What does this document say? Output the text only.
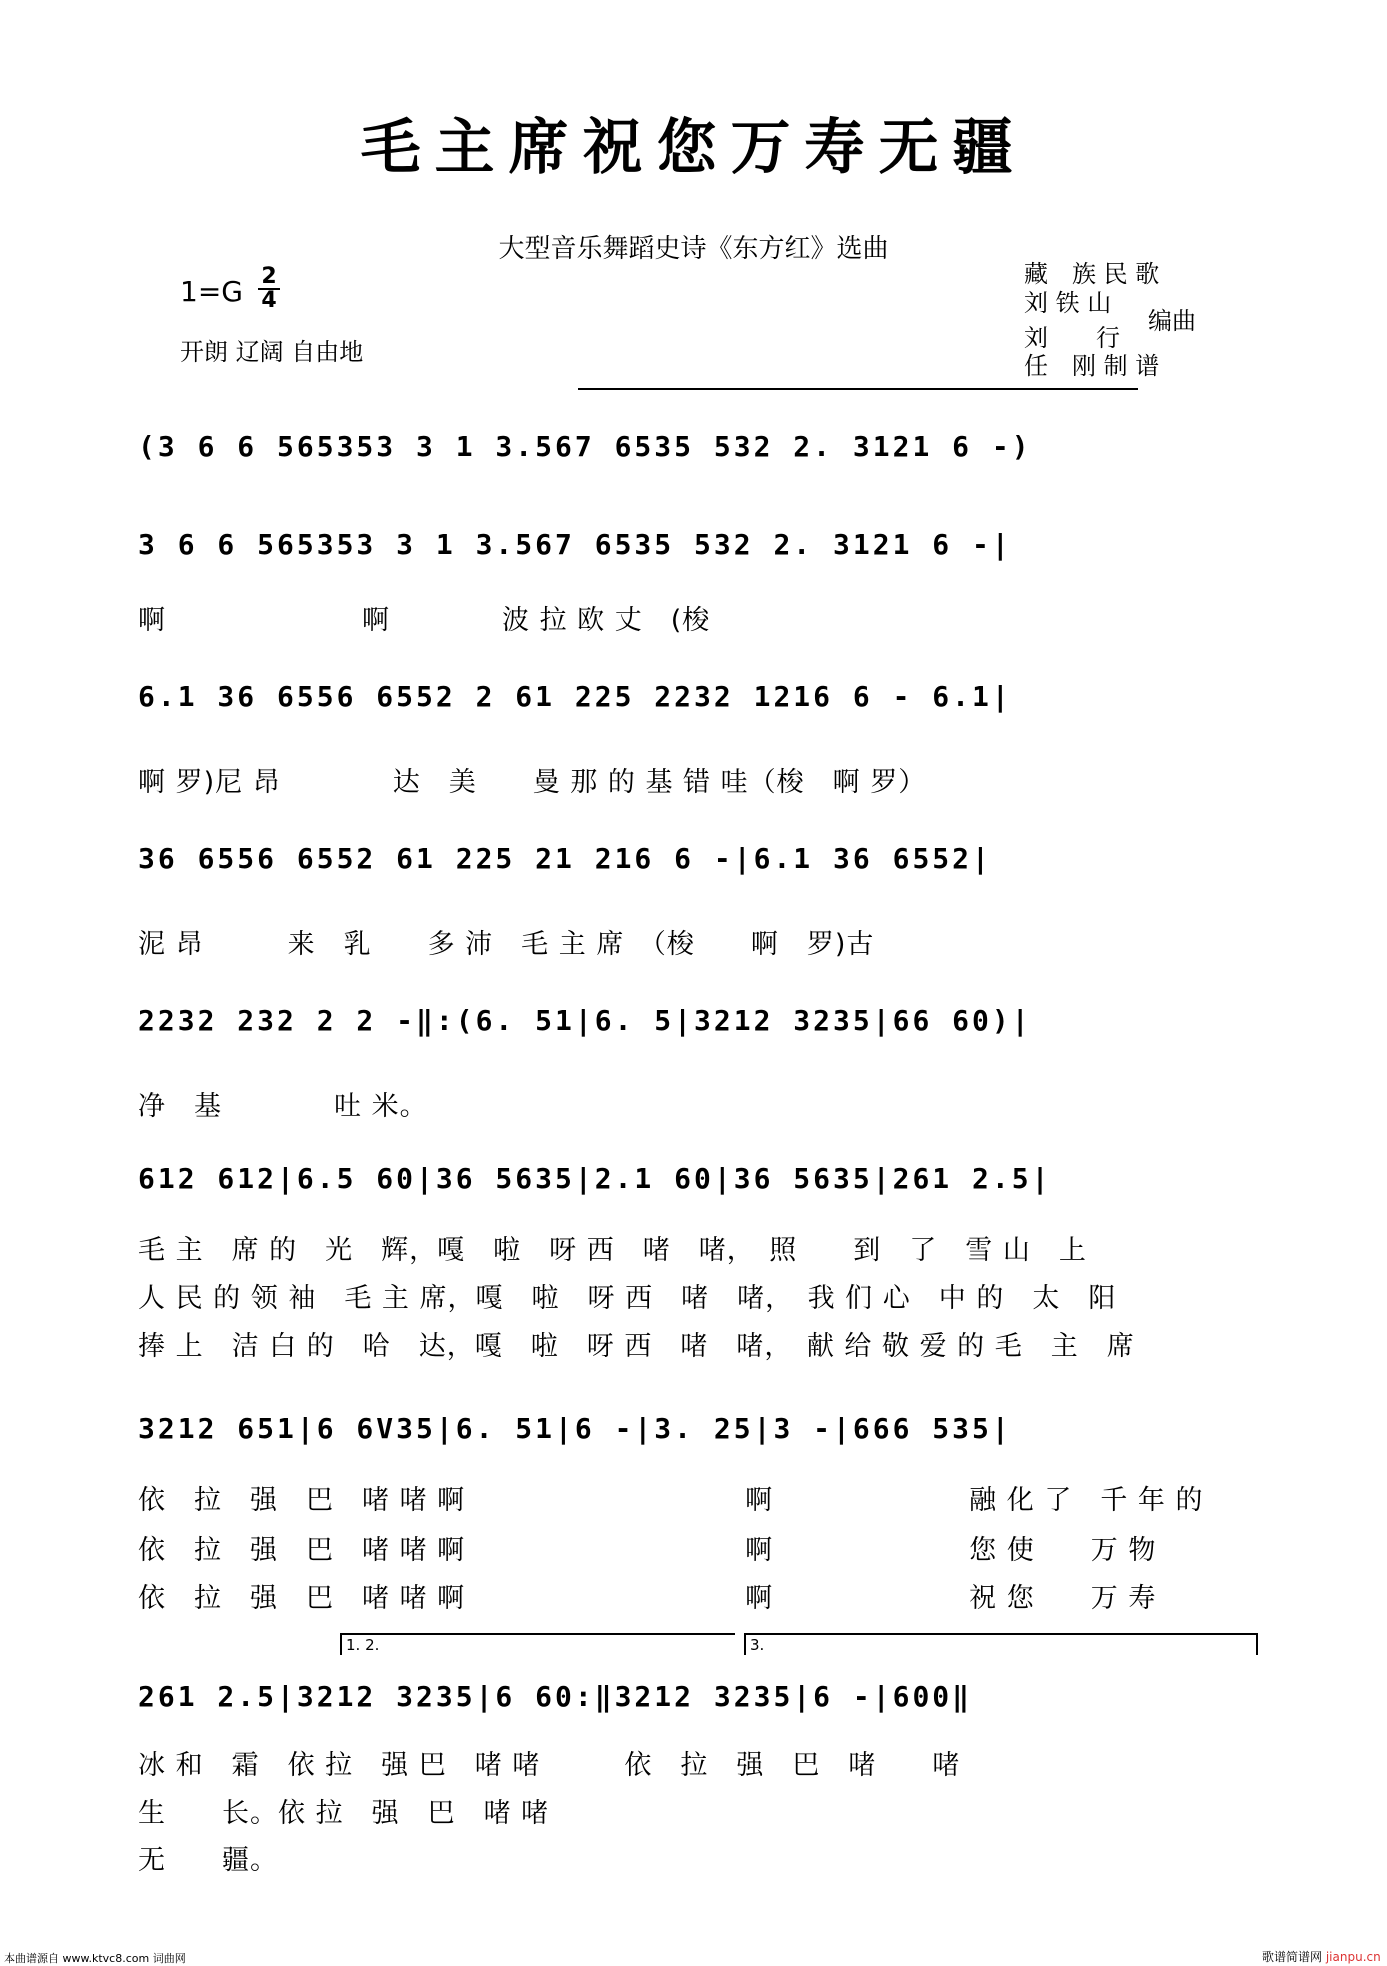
毛主席祝您万寿无疆
大型音乐舞蹈史诗《东方红》选曲
1=G 2
4
开朗 辽阔 自由地
藏　族 民 歌
刘 铁 山
编曲
刘　　行
任　刚 制 谱
(3 6 6 565353 3 1 3.567 6535 532 2. 3121 6 -)
3 6 6 565353 3 1 3.567 6535 532 2. 3121 6 -|
啊　　　　　　　啊　　　　波 拉 欧 丈　(梭
6.1 36 6556 6552 2 61 225 2232 1216 6 - 6.1|
啊 罗)尼 昂　　　　达　美　　曼 那 的 基 错 哇（梭　啊 罗）
36 6556 6552 61 225 21 216 6 -|6.1 36 6552|
泥 昂　　　来　乳　　多 沛　毛 主 席　（梭　　啊　罗)古
2232 232 2 2 -‖:(6. 51|6. 5|3212 3235|66 60)|
净　基　　　　吐 米。
612 612|6.5 60|36 5635|2.1 60|36 5635|261 2.5|
毛 主　席 的　光　辉，嘎　啦　呀 西　啫　啫，　照　　到　了　雪 山　上
人 民 的 领 袖　毛 主 席，嘎　啦　呀 西　啫　啫，　我 们 心　中 的　太　阳
捧 上　洁 白 的　哈　达，嘎　啦　呀 西　啫　啫，　献 给 敬 爱 的 毛　主　席
3212 651|6 6V35|6. 51|6 -|3. 25|3 -|666 535|
依　拉　强　巴　啫 啫 啊　　　　　　　　　　啊　　　　　　　融 化 了　千 年 的
依　拉　强　巴　啫 啫 啊　　　　　　　　　　啊　　　　　　　您 使　　万 物
依　拉　强　巴　啫 啫 啊　　　　　　　　　　啊　　　　　　　祝 您　　万 寿
1. 2.	3.
261 2.5|3212 3235|6 60:‖3212 3235|6 -|600‖
冰 和　霜　依 拉　强 巴　啫 啫　　　依　拉　强　巴　啫　　啫
生　　长。依 拉　强　巴　啫 啫
无　　疆。
本曲谱源自 www.ktvc8.com 词曲网	歌谱简谱网 jianpu.cn
